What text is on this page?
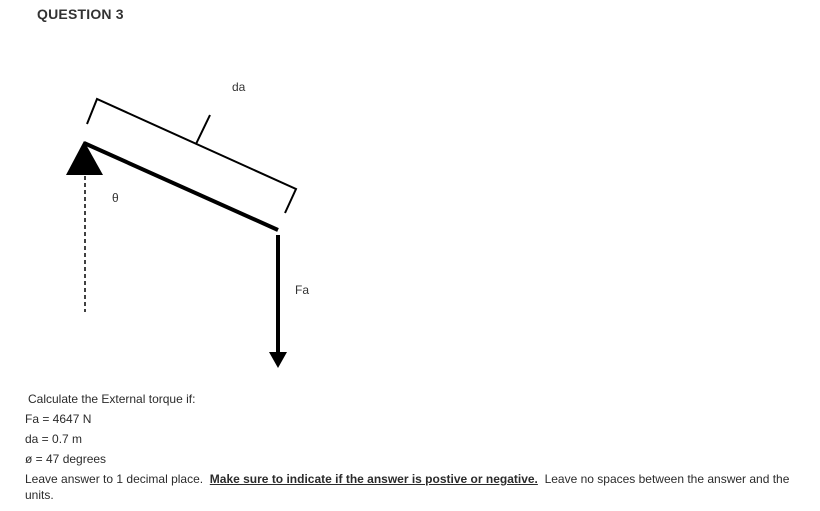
QUESTION 3
da
θ
Fa
Calculate the External torque if:
Fa = 4647 N
da = 0.7 m
ø = 47 degrees
Leave answer to 1 decimal place. Make sure to indicate if the answer is postive or negative. Leave no spaces between the answer and the units.
